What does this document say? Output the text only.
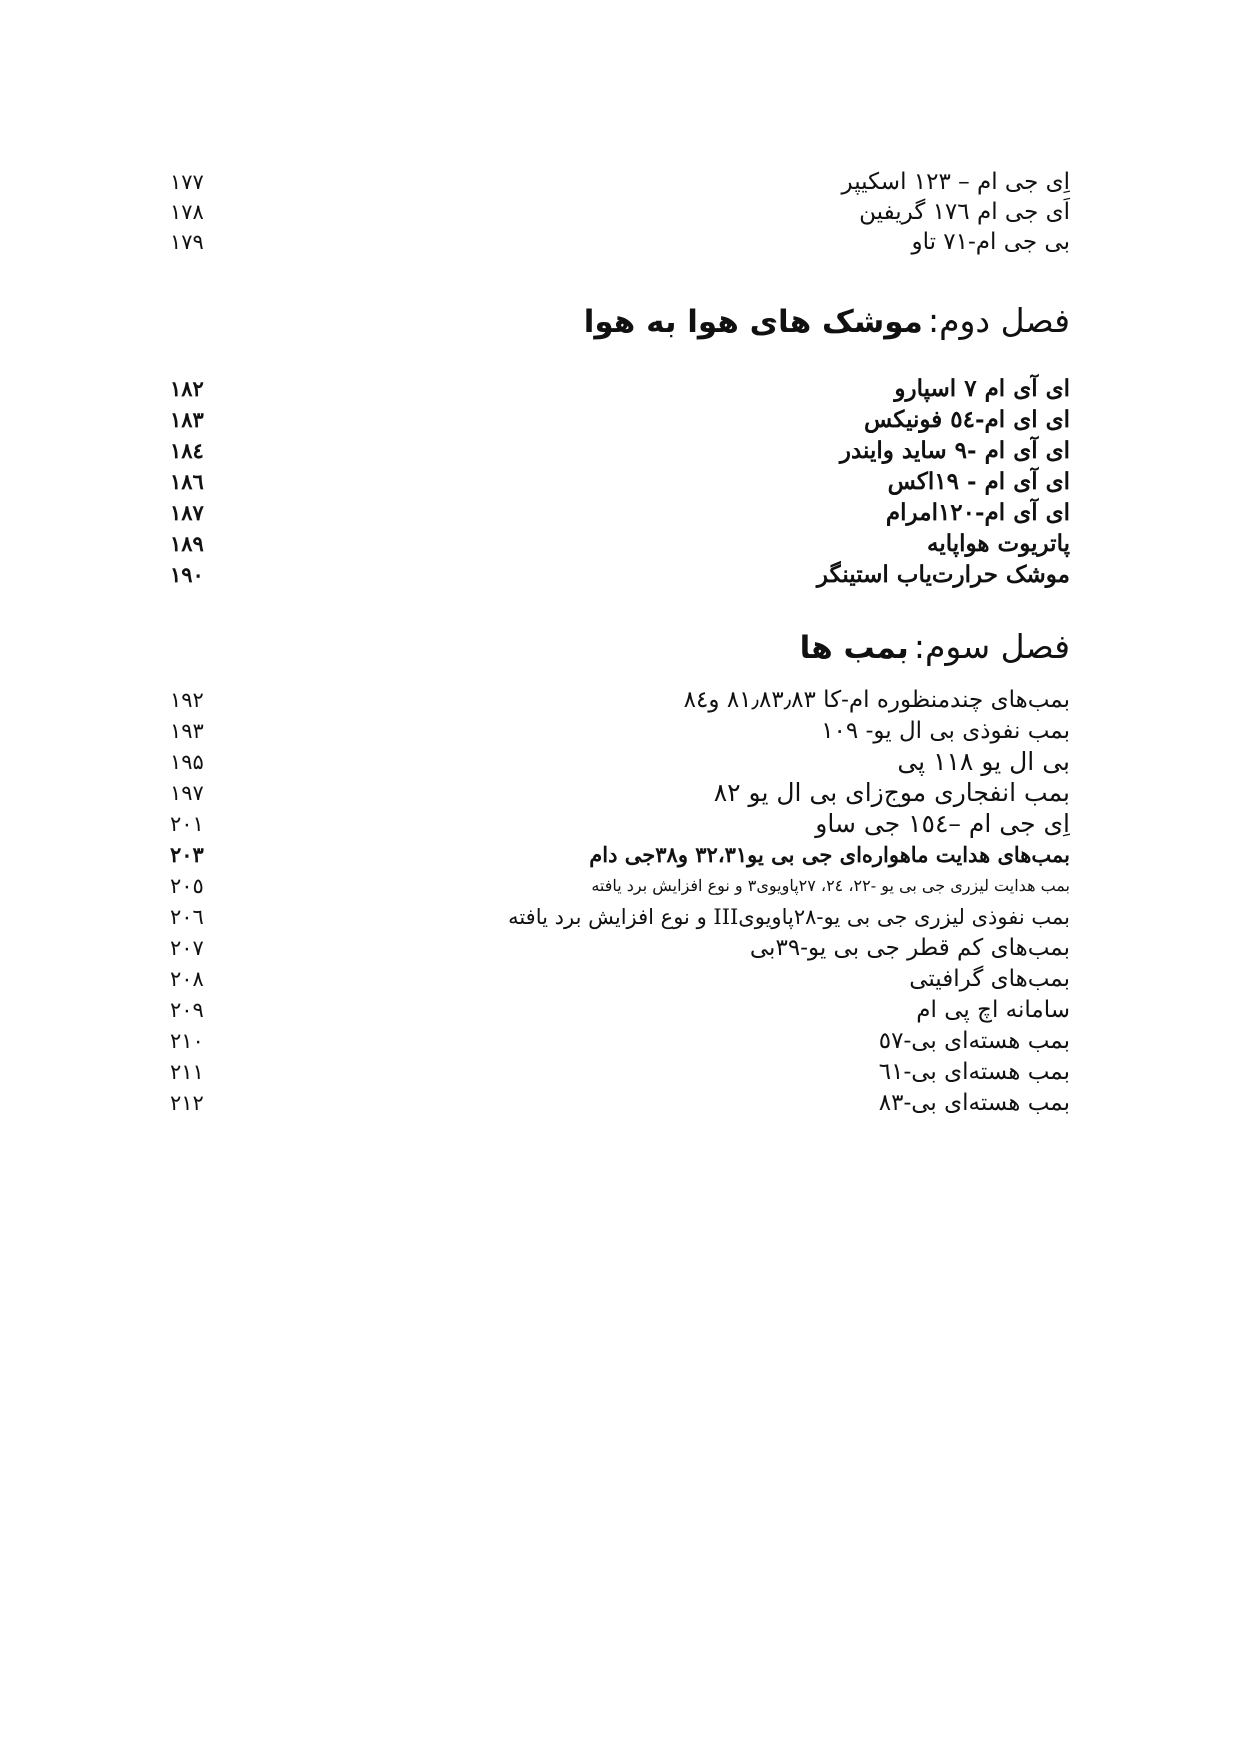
اِی جی ام – ۱۲۳ اسکیپر
۱۷۷
اَی جی ام ۱۷٦ گریفین
۱۷۸
بی جی ام-۷۱ تاو
۱۷۹
فصل دوم: موشک های هوا به هوا
ای آی ام ۷ اسپارو
۱۸۲
ای ای ام-٥٤ فونیکس
۱۸۳
ای آی ام -۹ ساید وایندر
۱۸٤
ای آی ام - ۱۹اکس
۱۸٦
ای آی ام-۱۲۰امرام
۱۸۷
پاتریوت هواپایه
۱۸۹
موشک حرارت‌یاب استینگر
۱۹۰
فصل سوم: بمب ها
بمب‌های چندمنظوره ام-کا ۸۱٫۸۳٫۸۳ و۸٤
۱۹۲
بمب نفوذی بی ال یو- ۱۰۹
۱۹۳
بی ال یو ۱۱۸ پی
۱۹۵
بمب انفجاری موج‌زای بی ال یو ۸۲
۱۹۷
اِی جی ام –۱٥٤ جی ساو
۲۰۱
بمب‌های هدایت ماهواره‌ای جی بی یو۳۲،۳۱ و۳۸جی دام
۲۰۳
بمب هدایت لیزری جی بی یو -۲۲، ۲٤، ۲۷پاویوی۳ و نوع افزایش برد یافته
۲۰٥
بمب نفوذی لیزری جی بی یو-۲۸پاویویIII و نوع افزایش برد یافته
۲۰٦
بمب‌های کم قطر جی بی یو-۳۹بی
۲۰۷
بمب‌های گرافیتی
۲۰۸
سامانه اچ پی ام
۲۰۹
بمب هسته‌ای بی-٥٧
۲۱۰
بمب هسته‌ای بی-٦١
۲۱۱
بمب هسته‌ای بی-۸۳
۲۱۲
